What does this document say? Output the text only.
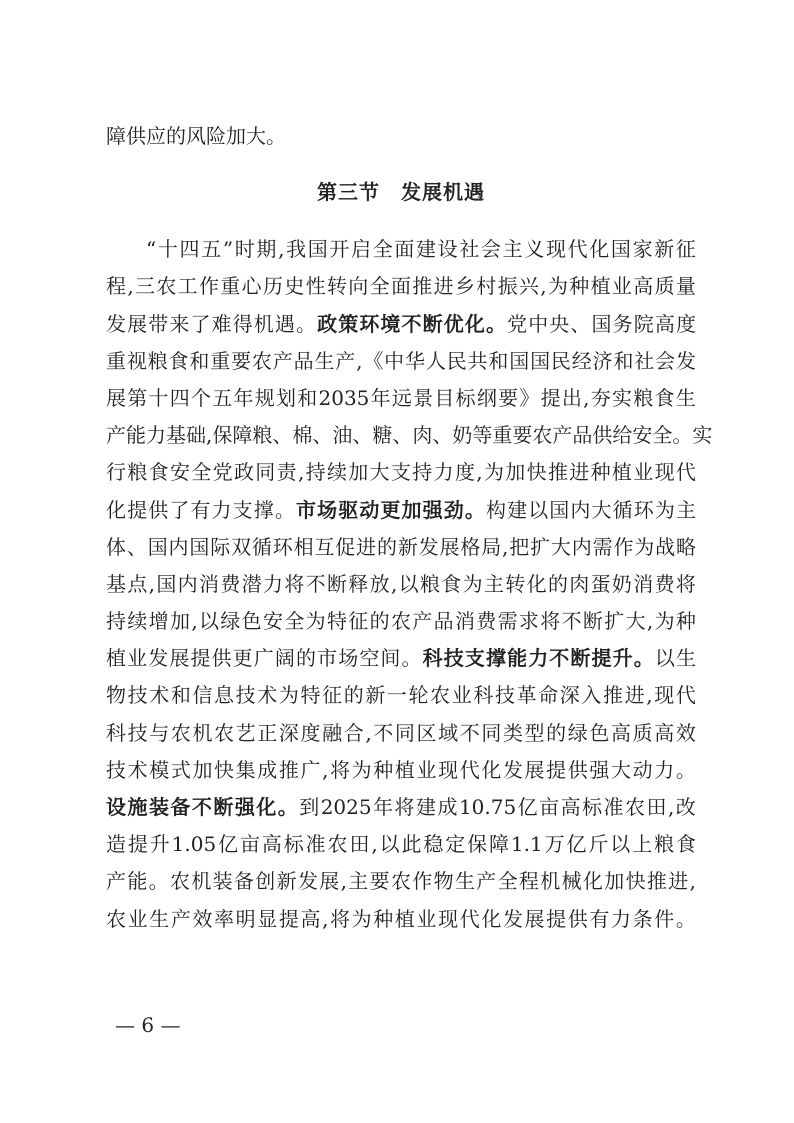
障供应的风险加大。
第三节　发展机遇
“ 十 四 五 ” 时 期 , 我 国 开 启 全 面 建 设 社 会 主 义 现 代 化 国 家 新 征
程 , 三 农 工 作 重 心 历 史 性 转 向 全 面 推 进 乡 村 振 兴 , 为 种 植 业 高 质 量
发 展 带 来 了 难 得 机 遇 。 政 策 环 境 不 断 优 化 。 党 中 央 、 国 务 院 高 度
重 视 粮 食 和 重 要 农 产 品 生 产 , 《 中 华 人 民 共 和 国 国 民 经 济 和 社 会 发
展 第 十 四 个 五 年 规 划 和 2035 年 远 景 目 标 纲 要 》 提 出 , 夯 实 粮 食 生
产 能 力 基 础 , 保 障 粮 、 棉 、 油 、 糖 、 肉 、 奶 等 重 要 农 产 品 供 给 安 全 。 实
行 粮 食 安 全 党 政 同 责 , 持 续 加 大 支 持 力 度 , 为 加 快 推 进 种 植 业 现 代
化 提 供 了 有 力 支 撑 。 市 场 驱 动 更 加 强 劲 。 构 建 以 国 内 大 循 环 为 主
体 、 国 内 国 际 双 循 环 相 互 促 进 的 新 发 展 格 局 , 把 扩 大 内 需 作 为 战 略
基 点 , 国 内 消 费 潜 力 将 不 断 释 放 , 以 粮 食 为 主 转 化 的 肉 蛋 奶 消 费 将
持 续 增 加 , 以 绿 色 安 全 为 特 征 的 农 产 品 消 费 需 求 将 不 断 扩 大 , 为 种
植 业 发 展 提 供 更 广 阔 的 市 场 空 间 。 科 技 支 撑 能 力 不 断 提 升 。 以 生
物 技 术 和 信 息 技 术 为 特 征 的 新 一 轮 农 业 科 技 革 命 深 入 推 进 , 现 代
科 技 与 农 机 农 艺 正 深 度 融 合 , 不 同 区 域 不 同 类 型 的 绿 色 高 质 高 效
技 术 模 式 加 快 集 成 推 广 , 将 为 种 植 业 现 代 化 发 展 提 供 强 大 动 力 。
设 施 装 备 不 断 强 化 。 到 2025 年 将 建 成 10.75 亿 亩 高 标 准 农 田 , 改
造 提 升 1.05 亿 亩 高 标 准 农 田 , 以 此 稳 定 保 障 1.1 万 亿 斤 以 上 粮 食
产 能 。 农 机 装 备 创 新 发 展 , 主 要 农 作 物 生 产 全 程 机 械 化 加 快 推 进 ,
农 业 生 产 效 率 明 显 提 高 , 将 为 种 植 业 现 代 化 发 展 提 供 有 力 条 件 。
— 6 —
